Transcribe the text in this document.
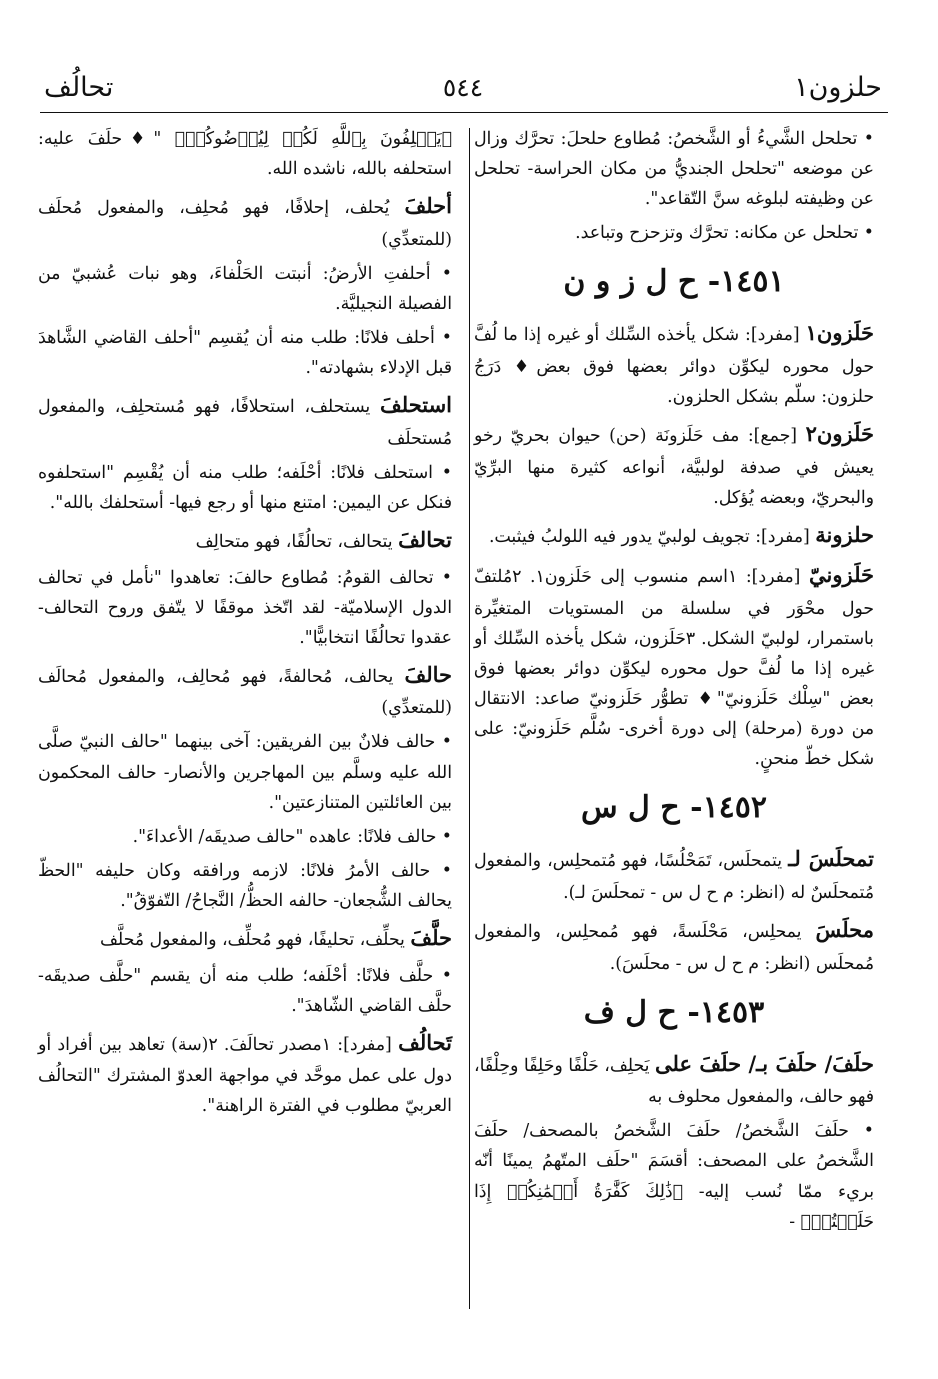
حلزون١
٥٤٤
تحالُف

• تحلحل الشَّيءُ أو الشَّخصُ: مُطاوع حلحلَ: تحرَّك وزال عن موضعه "تحلحل الجنديُّ من مكان الحراسة- تحلحل عن وظيفته لبلوغه سنَّ التّقاعد".

• تحلحل عن مكانه: تحرَّك وتزحزح وتباعد.

١٤٥١- ح ل ز و ن

حَلَزون١ [مفرد]: شكل يأخذه السِّلك أو غيره إذا ما لُفَّ حول محوره ليكوِّن دوائر بعضها فوق بعض♦ دَرَجُ حلزون: سلّم بشكل الحلزون.

حَلَزون٢ [جمع]: مف حَلَزونَة (حن) حيوان بحريّ رخو يعيش في صدفة لولبيَّة، أنواعه كثيرة منها البرِّيّ والبحريّ، وبعضه يُؤكل.

حلزونة [مفرد]: تجويف لولبيّ يدور فيه اللولبُ فيثبت.

حَلَزونيّ [مفرد]: ١اسم منسوب إلى حَلَزون١. ٢مُلتفّ حول محْوَر في سلسلة من المستويات المتغيِّرة باستمرار، لولبيّ الشكل. ٣حَلَزون، شكل يأخذه السِّلك أو غيره إذا ما لُفَّ حول محوره ليكوِّن دوائر بعضها فوق بعض "سِلْك حَلَزونيّ"♦ تطوُّر حَلَزونيّ صاعد: الانتقال من دورة (مرحلة) إلى دورة أخرى- سُلَّم حَلَزونيّ: على شكل خطّ منحنٍ.

١٤٥٢- ح ل س

تمحلَسَ لـ يتمحلَس، تَمَحْلُسًا، فهو مُتمحلِس، والمفعول مُتمحلَسٌ له (انظر: م ح ل س - تمحلَسَ لـ).

محلَسَ يمحلِس، مَحْلَسةً، فهو مُمحلِس، والمفعول مُمحلَس (انظر: م ح ل س - محلَسَ).

١٤٥٣- ح ل ف

حلَفَ/ حلَفَ بـ/ حلَفَ على يَحلِف، حَلْفًا وحَلِفًا وحِلْفًا، فهو حالف، والمفعول محلوف به

• حلَفَ الشَّخصُ/ حلَفَ الشَّخصُ بالمصحف/ حلَفَ الشَّخصُ على المصحف: أقسَمَ "حلَف المتّهمُ يمينًا أنّه بريء ممّا نُسب إليه- ﴿ذَٰلِكَ كَفَّٰرَةُ أَيۡمَٰنِكُمۡ إِذَا حَلَفۡتُمۡ﴾ -

﴿يَحۡلِفُونَ بِٱللَّهِ لَكُمۡ لِيُرۡضُوكُمۡ﴾ "♦حلَفَ عليه: استحلفه بالله، ناشده الله.

أحلفَ يُحلف، إحلافًا، فهو مُحلِف، والمفعول مُحلَف (للمتعدِّي)

• أحلفتِ الأرضُ: أنبتت الحَلْفاءَ، وهو نبات عُشبيّ من الفصيلة النجيليَّة.

• أحلف فلانًا: طلب منه أن يُقسِم "أحلف القاضي الشَّاهدَ قبل الإدلاء بشهادته".

استحلفَ يستحلف، استحلافًا، فهو مُستحلِف، والمفعول مُستحلَف

• استحلف فلانًا: أحْلَفه؛ طلب منه أن يُقْسِم "استحلفوه فنكل عن اليمين: امتنع منها أو رجع فيها- أستحلفك بالله".

تحالفَ يتحالف، تحالُفًا، فهو متحالِف

• تحالف القومُ: مُطاوع حالفَ: تعاهدوا "نأمل في تحالف الدول الإسلاميّة- لقد اتّخذ موقفًا لا يتّفق وروح التحالف- عقدوا تحالُفًا انتخابيًّا".

حالفَ يحالف، مُحالفةً، فهو مُحالِف، والمفعول مُحالَف (للمتعدِّي)

• حالف فلانٌ بين الفريقين: آخى بينهما "حالف النبيّ صلَّى الله عليه وسلَّم بين المهاجرين والأنصار- حالف المحكمون بين العائلتين المتنازعتين".

• حالف فلانًا: عاهده "حالف صديقَه/ الأعداءَ".

• حالف الأمرُ فلانًا: لازمه ورافقه وكان حليفه "الحظّ يحالف الشُّجعان- حالفه الحظُّ/ النَّجاحُ/ التّفوّقُ".

حلَّفَ يحلِّف، تحليفًا، فهو مُحلِّف، والمفعول مُحلَّف

• حلَّف فلانًا: أحْلَفه؛ طلب منه أن يقسم "حلَّف صديقَه- حلَّف القاضي الشّاهدَ".

تَحالُف [مفرد]: ١مصدر تحالَفَ. ٢(سة) تعاهد بين أفراد أو دول على عمل موحَّد في مواجهة العدوّ المشترك "التحالُف العربيّ مطلوب في الفترة الراهنة".
